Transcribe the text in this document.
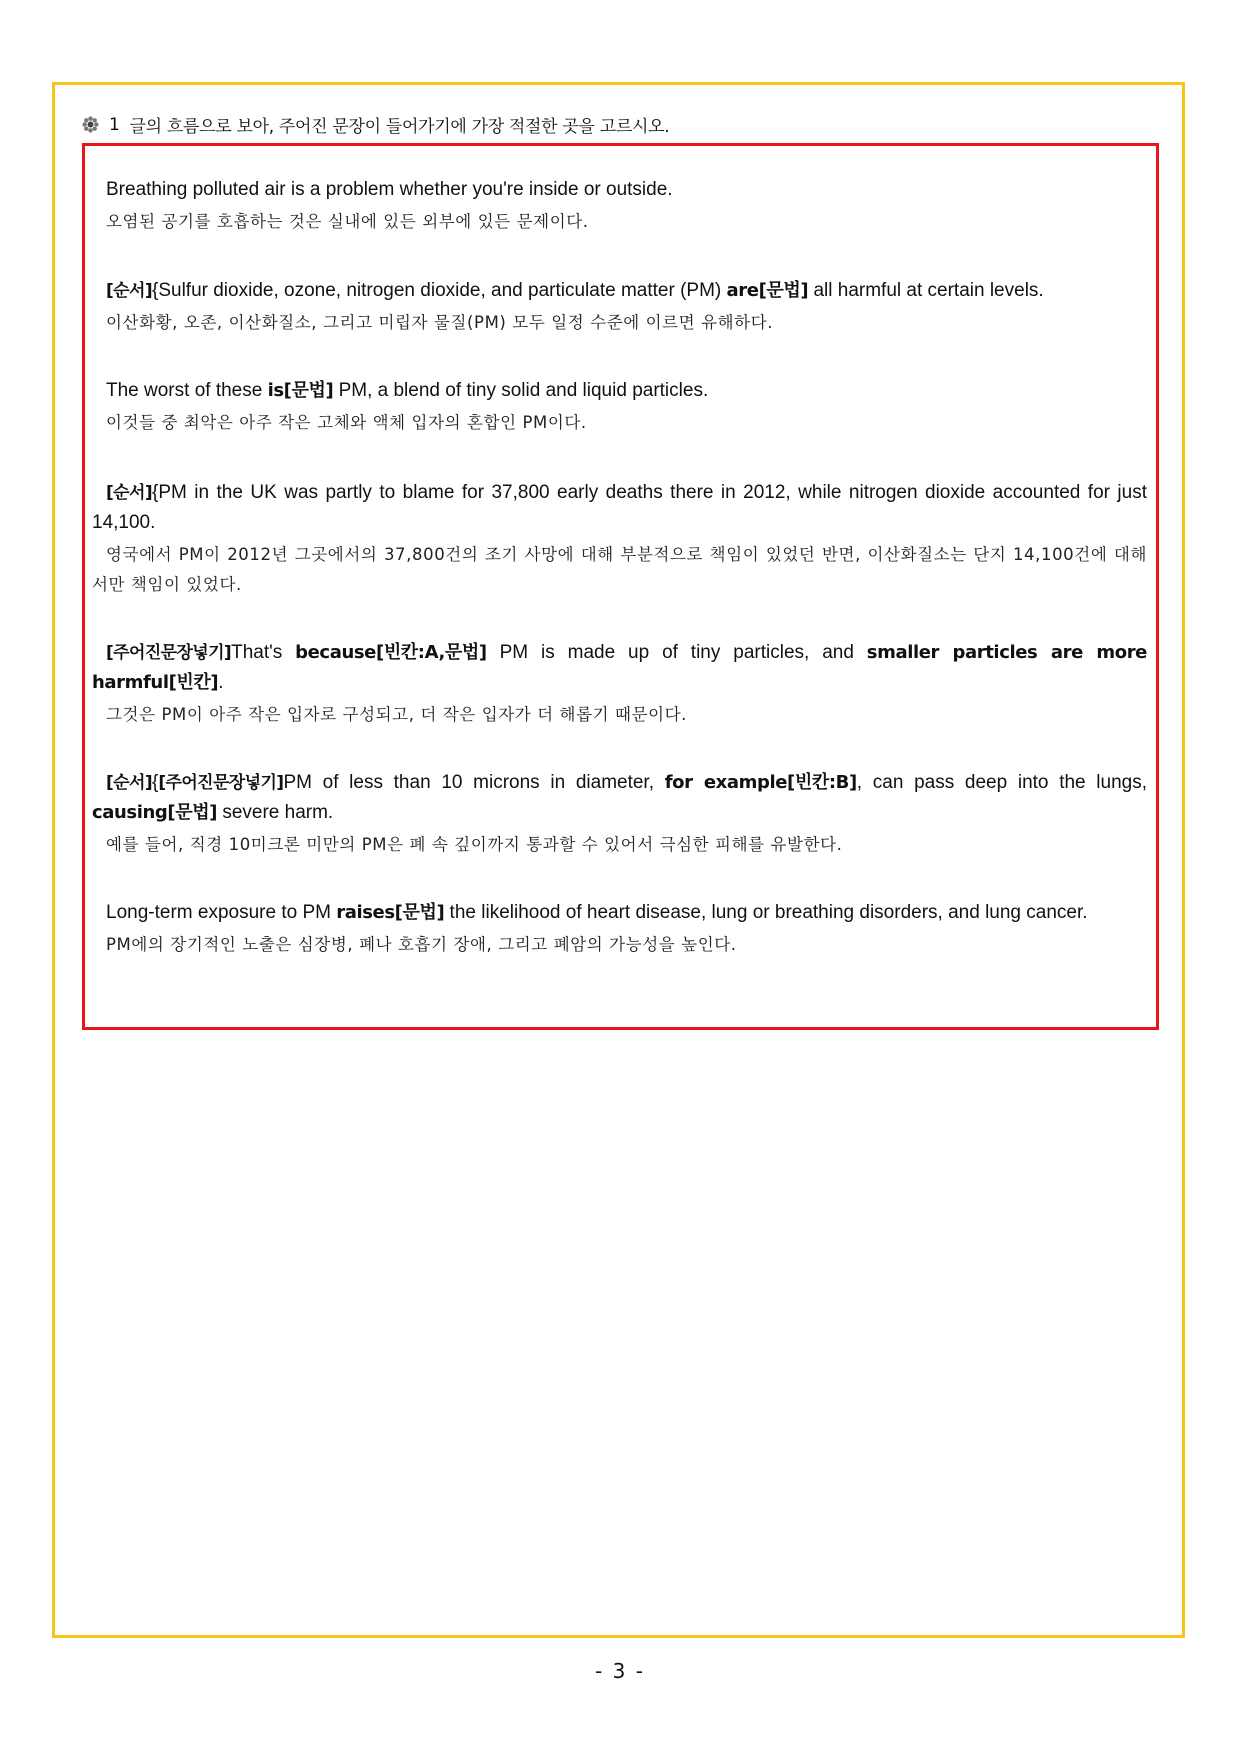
1 글의 흐름으로 보아, 주어진 문장이 들어가기에 가장 적절한 곳을 고르시오.

Breathing polluted air is a problem whether you're inside or outside.

오염된 공기를 호흡하는 것은 실내에 있든 외부에 있든 문제이다.

[순서]{Sulfur dioxide, ozone, nitrogen dioxide, and particulate matter (PM) are[문법] all harmful at certain levels.

이산화황, 오존, 이산화질소, 그리고 미립자 물질(PM) 모두 일정 수준에 이르면 유해하다.

The worst of these is[문법] PM, a blend of tiny solid and liquid particles.

이것들 중 최악은 아주 작은 고체와 액체 입자의 혼합인 PM이다.

[순서]{PM in the UK was partly to blame for 37,800 early deaths there in 2012, while nitrogen dioxide accounted for just 14,100.

영국에서 PM이 2012년 그곳에서의 37,800건의 조기 사망에 대해 부분적으로 책임이 있었던 반면, 이산화질소는 단지 14,100건에 대해서만 책임이 있었다.

[주어진문장넣기]That's because[빈칸:A,문법] PM is made up of tiny particles, and smaller particles are more harmful[빈칸].

그것은 PM이 아주 작은 입자로 구성되고, 더 작은 입자가 더 해롭기 때문이다.

[순서]{[주어진문장넣기]PM of less than 10 microns in diameter, for example[빈칸:B], can pass deep into the lungs, causing[문법] severe harm.

예를 들어, 직경 10미크론 미만의 PM은 폐 속 깊이까지 통과할 수 있어서 극심한 피해를 유발한다.

Long-term exposure to PM raises[문법] the likelihood of heart disease, lung or breathing disorders, and lung cancer.

PM에의 장기적인 노출은 심장병, 폐나 호흡기 장애, 그리고 폐암의 가능성을 높인다.

- 3 -
